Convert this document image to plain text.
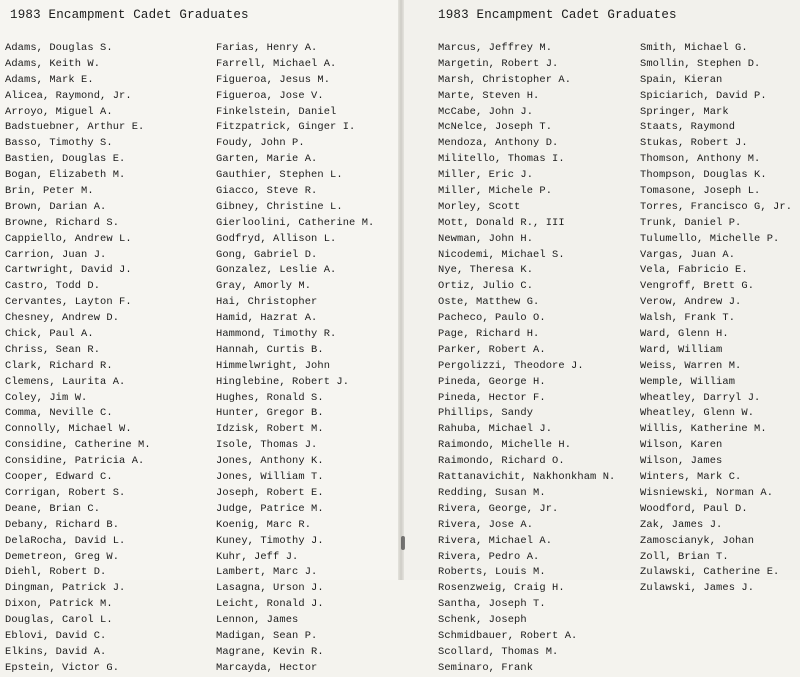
1983 Encampment Cadet Graduates
Adams, Douglas S.
Adams, Keith W.
Adams, Mark E.
Alicea, Raymond, Jr.
Arroyo, Miguel A.
Badstuebner, Arthur E.
Basso, Timothy S.
Bastien, Douglas E.
Bogan, Elizabeth M.
Brin, Peter M.
Brown, Darian A.
Browne, Richard S.
Cappiello, Andrew L.
Carrion, Juan J.
Cartwright, David J.
Castro, Todd D.
Cervantes, Layton F.
Chesney, Andrew D.
Chick, Paul A.
Chriss, Sean R.
Clark, Richard R.
Clemens, Laurita A.
Coley, Jim W.
Comma, Neville C.
Connolly, Michael W.
Considine, Catherine M.
Considine, Patricia A.
Cooper, Edward C.
Corrigan, Robert S.
Deane, Brian C.
Debany, Richard B.
DelaRocha, David L.
Demetreon, Greg W.
Diehl, Robert D.
Dingman, Patrick J.
Dixon, Patrick M.
Douglas, Carol L.
Eblovi, David C.
Elkins, David A.
Epstein, Victor G.
Farias, Henry A.
Farrell, Michael A.
Figueroa, Jesus M.
Figueroa, Jose V.
Finkelstein, Daniel
Fitzpatrick, Ginger I.
Foudy, John P.
Garten, Marie A.
Gauthier, Stephen L.
Giacco, Steve R.
Gibney, Christine L.
Gierloolini, Catherine M.
Godfryd, Allison L.
Gong, Gabriel D.
Gonzalez, Leslie A.
Gray, Amorly M.
Hai, Christopher
Hamid, Hazrat A.
Hammond, Timothy R.
Hannah, Curtis B.
Himmelwright, John
Hinglebine, Robert J.
Hughes, Ronald S.
Hunter, Gregor B.
Idzisk, Robert M.
Isole, Thomas J.
Jones, Anthony K.
Jones, William T.
Joseph, Robert E.
Judge, Patrice M.
Koenig, Marc R.
Kuney, Timothy J.
Kuhr, Jeff J.
Lambert, Marc J.
Lasagna, Urson J.
Leicht, Ronald J.
Lennon, James
Madigan, Sean P.
Magrane, Kevin R.
Marcayda, Hector
1983 Encampment Cadet Graduates
Marcus, Jeffrey M.
Margetin, Robert J.
Marsh, Christopher A.
Marte, Steven H.
McCabe, John J.
McNelce, Joseph T.
Mendoza, Anthony D.
Militello, Thomas I.
Miller, Eric J.
Miller, Michele P.
Morley, Scott
Mott, Donald R., III
Newman, John H.
Nicodemi, Michael S.
Nye, Theresa K.
Ortiz, Julio C.
Oste, Matthew G.
Pacheco, Paulo O.
Page, Richard H.
Parker, Robert A.
Pergolizzi, Theodore J.
Pineda, George H.
Pineda, Hector F.
Phillips, Sandy
Rahuba, Michael J.
Raimondo, Michelle H.
Raimondo, Richard O.
Rattanavichit, Nakhonkham N.
Redding, Susan M.
Rivera, George, Jr.
Rivera, Jose A.
Rivera, Michael A.
Rivera, Pedro A.
Roberts, Louis M.
Rosenzweig, Craig H.
Santha, Joseph T.
Schenk, Joseph
Schmidbauer, Robert A.
Scollard, Thomas M.
Seminaro, Frank
Smith, Michael G.
Smollin, Stephen D.
Spain, Kieran
Spiciarich, David P.
Springer, Mark
Staats, Raymond
Stukas, Robert J.
Thomson, Anthony M.
Thompson, Douglas K.
Tomasone, Joseph L.
Torres, Francisco G, Jr.
Trunk, Daniel P.
Tulumello, Michelle P.
Vargas, Juan A.
Vela, Fabricio E.
Vengroff, Brett G.
Verow, Andrew J.
Walsh, Frank T.
Ward, Glenn H.
Ward, William
Weiss, Warren M.
Wemple, William
Wheatley, Darryl J.
Wheatley, Glenn W.
Willis, Katherine M.
Wilson, Karen
Wilson, James
Winters, Mark C.
Wisniewski, Norman A.
Woodford, Paul D.
Zak, James J.
Zamoscianyk, Johan
Zoll, Brian T.
Zulawski, Catherine E.
Zulawski, James J.
